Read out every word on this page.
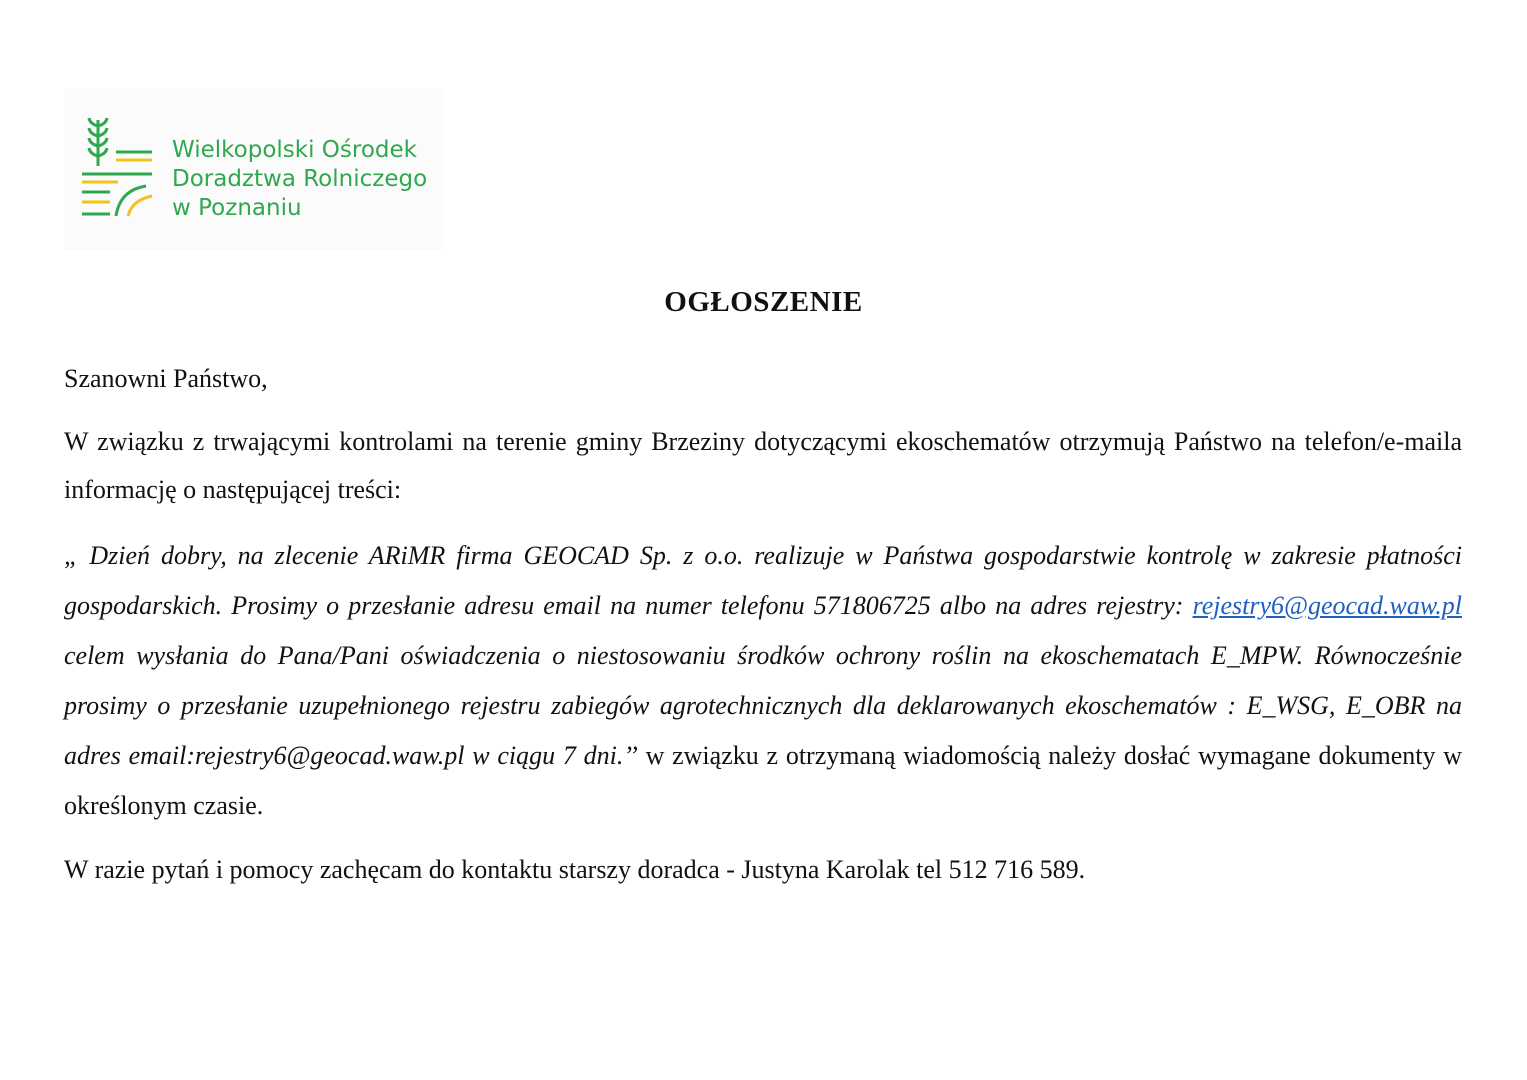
Wielkopolski Ośrodek
Doradztwa Rolniczego
w Poznaniu
OGŁOSZENIE

Szanowni Państwo,

W związku z trwającymi kontrolami na terenie gminy Brzeziny dotyczącymi ekoschematów otrzymują Państwo na telefon/e-maila informację o następującej treści:

„ Dzień dobry, na zlecenie ARiMR firma GEOCAD Sp. z o.o. realizuje w Państwa gospodarstwie kontrolę w zakresie płatności gospodarskich. Prosimy o przesłanie adresu email na numer telefonu 571806725 albo na adres rejestry: rejestry6@geocad.waw.pl celem wysłania do Pana/Pani oświadczenia o niestosowaniu środków ochrony roślin na ekoschematach E_MPW. Równocześnie prosimy o przesłanie uzupełnionego rejestru zabiegów agrotechnicznych dla deklarowanych ekoschematów : E_WSG, E_OBR na adres email:rejestry6@geocad.waw.pl w ciągu 7 dni.’’ w związku z otrzymaną wiadomością należy dosłać wymagane dokumenty w określonym czasie.

W razie pytań i pomocy zachęcam do kontaktu starszy doradca - Justyna Karolak tel 512 716 589.
